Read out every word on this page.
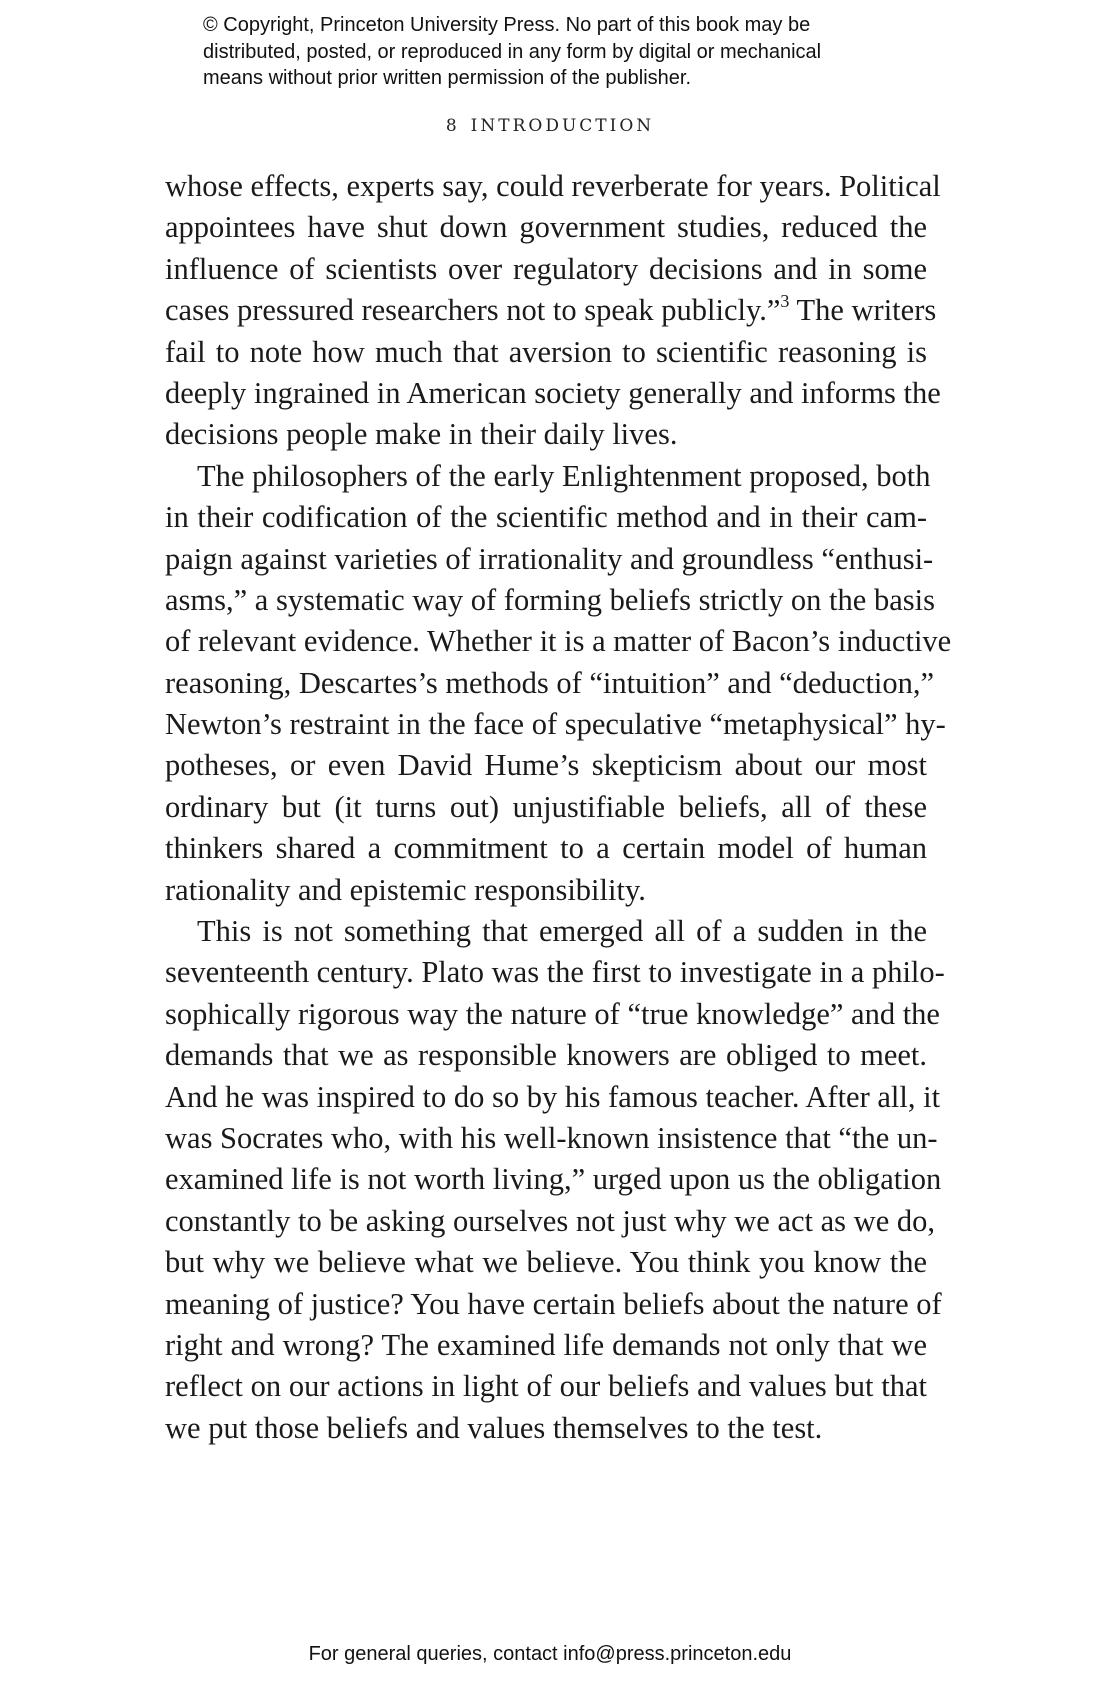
© Copyright, Princeton University Press. No part of this book may be
distributed, posted, or reproduced in any form by digital or mechanical
means without prior written permission of the publisher.
8 INTRODUCTION
whose effects, experts say, could reverberate for years. Political
appointees have shut down government studies, reduced the
influence of scientists over regulatory decisions and in some
cases pressured researchers not to speak publicly.”$^3$ The writers
fail to note how much that aversion to scientific reasoning is
deeply ingrained in American society generally and informs the
decisions people make in their daily lives.
The philosophers of the early Enlightenment proposed, both
in their codification of the scientific method and in their cam-
paign against varieties of irrationality and groundless “enthusi-
asms,” a systematic way of forming beliefs strictly on the basis
of relevant evidence. Whether it is a matter of Bacon’s inductive
reasoning, Descartes’s methods of “intuition” and “deduction,”
Newton’s restraint in the face of speculative “metaphysical” hy-
potheses, or even David Hume’s skepticism about our most
ordinary but (it turns out) unjustifiable beliefs, all of these
thinkers shared a commitment to a certain model of human
rationality and epistemic responsibility.
This is not something that emerged all of a sudden in the
seventeenth century. Plato was the first to investigate in a philo-
sophically rigorous way the nature of “true knowledge” and the
demands that we as responsible knowers are obliged to meet.
And he was inspired to do so by his famous teacher. After all, it
was Socrates who, with his well-known insistence that “the un-
examined life is not worth living,” urged upon us the obligation
constantly to be asking ourselves not just why we act as we do,
but why we believe what we believe. You think you know the
meaning of justice? You have certain beliefs about the nature of
right and wrong? The examined life demands not only that we
reflect on our actions in light of our beliefs and values but that
we put those beliefs and values themselves to the test.
For general queries, contact info@press.princeton.edu
